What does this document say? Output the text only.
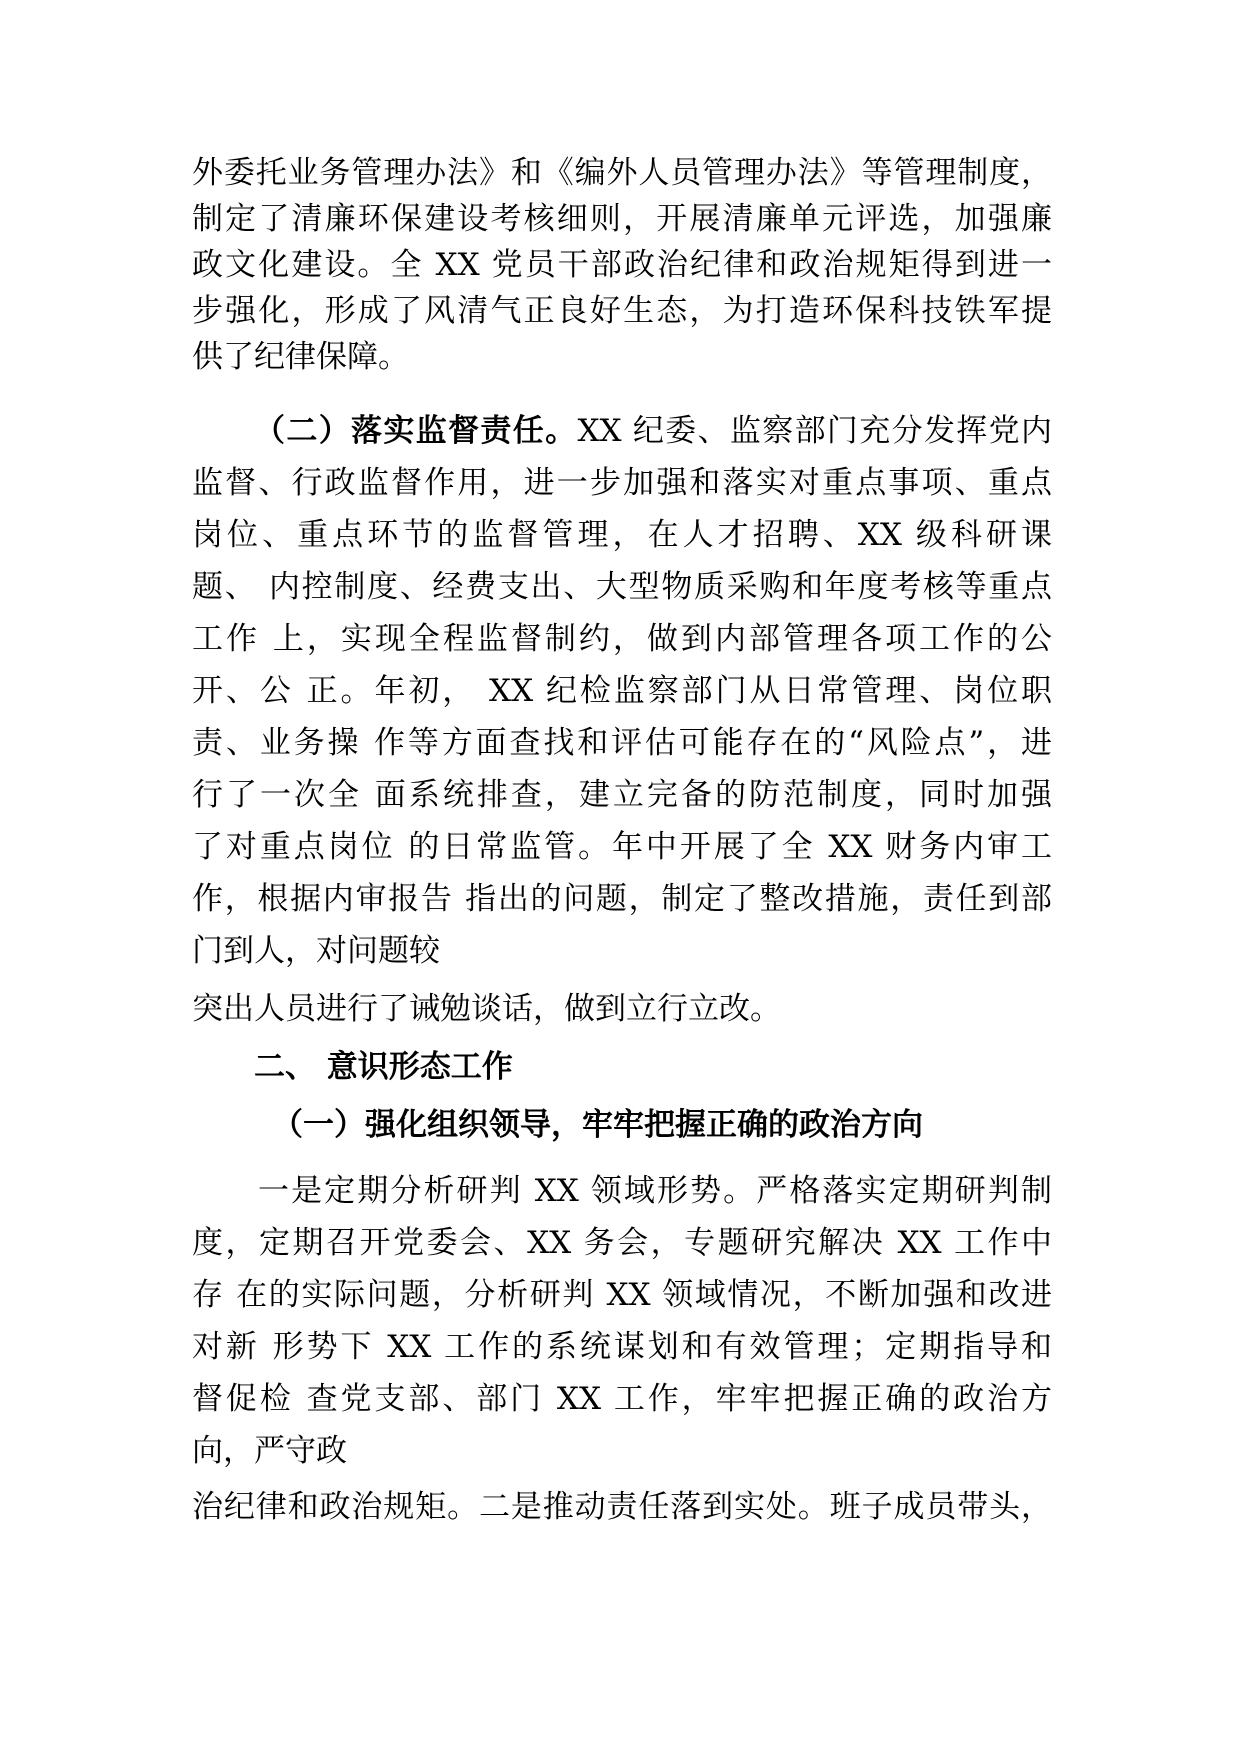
外委托业务管理办法》和《编外人员管理办法》等管理制度，
制定了清廉环保建设考核细则，开展清廉单元评选，加强廉
政文化建设。全 XX 党员干部政治纪律和政治规矩得到进一
步强化，形成了风清气正良好生态，为打造环保科技铁军提
供了纪律保障。
（二）落实监督责任。XX 纪委、监察部门充分发挥党内
监督、行政监督作用，进一步加强和落实对重点事项、重点
岗位、重点环节的监督管理，在人才招聘、XX 级科研课
题、 内控制度、经费支出、大型物质采购和年度考核等重点
工作 上，实现全程监督制约，做到内部管理各项工作的公
开、公 正。年初， XX 纪检监察部门从日常管理、岗位职
责、业务操 作等方面查找和评估可能存在的“风险点”，进
行了一次全 面系统排查，建立完备的防范制度，同时加强
了对重点岗位 的日常监管。年中开展了全 XX 财务内审工
作，根据内审报告 指出的问题，制定了整改措施，责任到部
门到人，对问题较
突出人员进行了诫勉谈话，做到立行立改。
二、 意识形态工作
（一）强化组织领导，牢牢把握正确的政治方向
一是定期分析研判 XX 领域形势。严格落实定期研判制
度，定期召开党委会、XX 务会，专题研究解决 XX 工作中
存 在的实际问题，分析研判 XX 领域情况，不断加强和改进
对新 形势下 XX 工作的系统谋划和有效管理；定期指导和
督促检 查党支部、部门 XX 工作，牢牢把握正确的政治方
向，严守政
治纪律和政治规矩。二是推动责任落到实处。班子成员带头，
